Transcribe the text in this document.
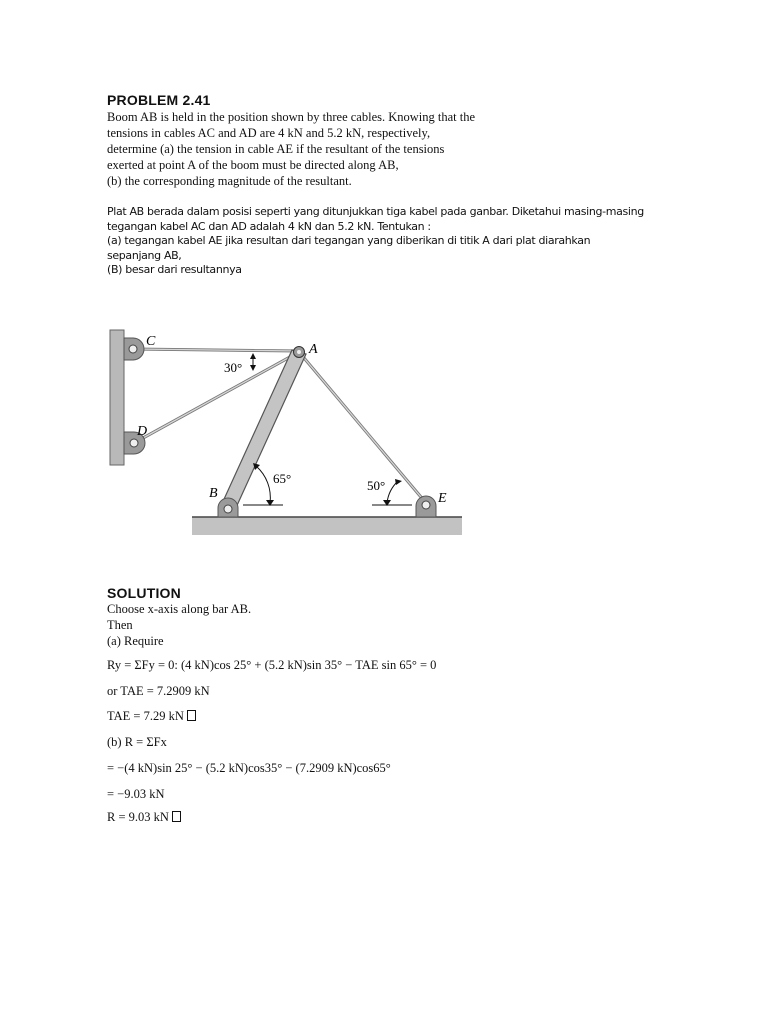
PROBLEM 2.41
Boom AB is held in the position shown by three cables. Knowing that the
tensions in cables AC and AD are 4 kN and 5.2 kN, respectively,
determine (a) the tension in cable AE if the resultant of the tensions
exerted at point A of the boom must be directed along AB,
(b) the corresponding magnitude of the resultant.
Plat AB berada dalam posisi seperti yang ditunjukkan tiga kabel pada ganbar. Diketahui masing-masing
tegangan kabel AC dan AD adalah 4 kN dan 5.2 kN. Tentukan :
(a) tegangan kabel AE jika resultan dari tegangan yang diberikan di titik A dari plat diarahkan
sepanjang AB,
(B) besar dari resultannya
C
A
D
B	E
30°
65°	50°
SOLUTION
Choose x-axis along bar AB.
Then
(a) Require
Ry = ΣFy = 0: (4 kN)cos 25° + (5.2 kN)sin 35° − TAE sin 65° = 0
or TAE = 7.2909 kN
TAE = 7.29 kN
(b) R = ΣFx
= −(4 kN)sin 25° − (5.2 kN)cos35° − (7.2909 kN)cos65°
= −9.03 kN
R = 9.03 kN
